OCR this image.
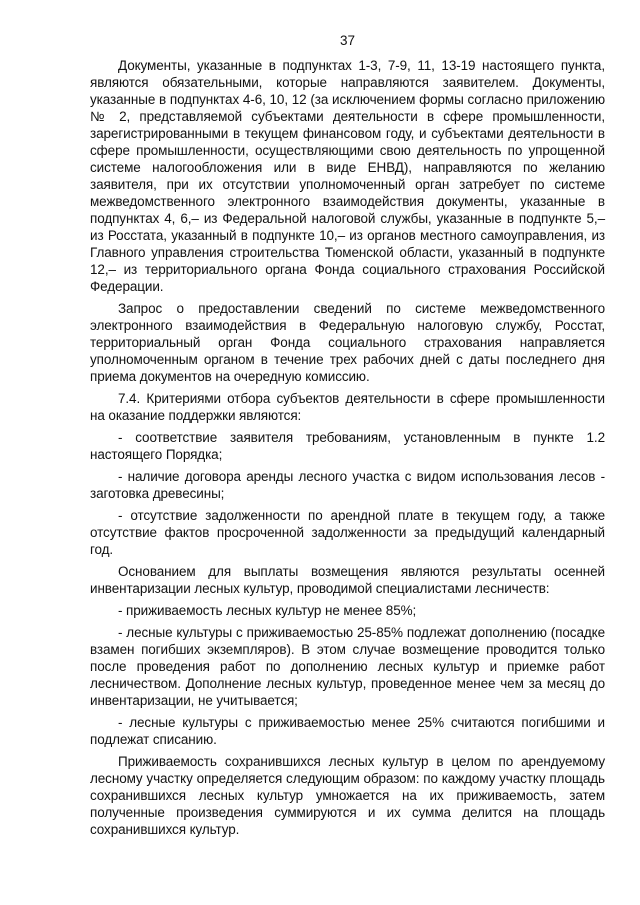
37

Документы, указанные в подпунктах 1-3, 7-9, 11, 13-19 настоящего пункта, являются обязательными, которые направляются заявителем. Документы, указанные в подпунктах 4-6, 10, 12 (за исключением формы согласно приложению № 2, представляемой субъектами деятельности в сфере промышленности, зарегистрированными в текущем финансовом году, и субъектами деятельности в сфере промышленности, осуществляющими свою деятельность по упрощенной системе налогообложения или в виде ЕНВД), направляются по желанию заявителя, при их отсутствии уполномоченный орган затребует по системе межведомственного электронного взаимодействия документы, указанные в подпунктах 4, 6,– из Федеральной налоговой службы, указанные в подпункте 5,– из Росстата, указанный в подпункте 10,– из органов местного самоуправления, из Главного управления строительства Тюменской области, указанный в подпункте 12,– из территориального органа Фонда социального страхования Российской Федерации.

Запрос о предоставлении сведений по системе межведомственного электронного взаимодействия в Федеральную налоговую службу, Росстат, территориальный орган Фонда социального страхования направляется уполномоченным органом в течение трех рабочих дней с даты последнего дня приема документов на очередную комиссию.

7.4. Критериями отбора субъектов деятельности в сфере промышленности на оказание поддержки являются:

- соответствие заявителя требованиям, установленным в пункте 1.2 настоящего Порядка;

- наличие договора аренды лесного участка с видом использования лесов - заготовка древесины;

- отсутствие задолженности по арендной плате в текущем году, а также отсутствие фактов просроченной задолженности за предыдущий календарный год.

Основанием для выплаты возмещения являются результаты осенней инвентаризации лесных культур, проводимой специалистами лесничеств:

- приживаемость лесных культур не менее 85%;

- лесные культуры с приживаемостью 25-85% подлежат дополнению (посадке взамен погибших экземпляров). В этом случае возмещение проводится только после проведения работ по дополнению лесных культур и приемке работ лесничеством. Дополнение лесных культур, проведенное менее чем за месяц до инвентаризации, не учитывается;

- лесные культуры с приживаемостью менее 25% считаются погибшими и подлежат списанию.

Приживаемость сохранившихся лесных культур в целом по арендуемому лесному участку определяется следующим образом: по каждому участку площадь сохранившихся лесных культур умножается на их приживаемость, затем полученные произведения суммируются и их сумма делится на площадь сохранившихся культур.
